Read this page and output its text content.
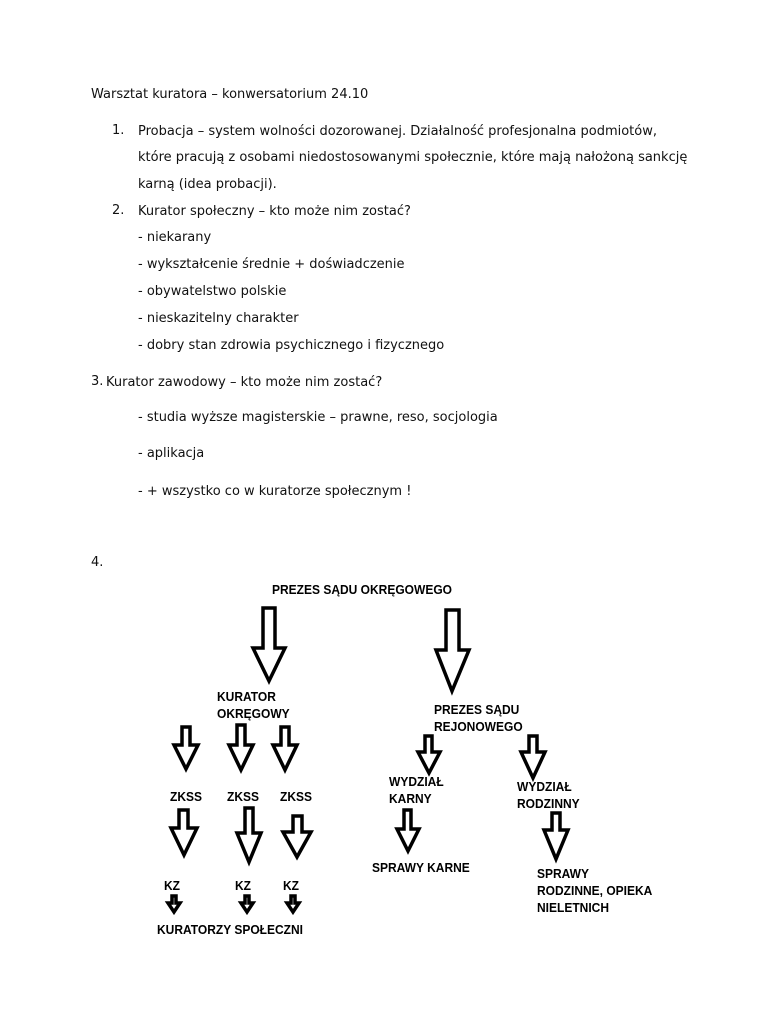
Warsztat kuratora – konwersatorium 24.10
1. Probacja – system wolności dozorowanej. Działalność profesjonalna podmiotów,
które pracują z osobami niedostosowanymi społecznie, które mają nałożoną sankcję
karną (idea probacji).
2. Kurator społeczny – kto może nim zostać?
- niekarany
- wykształcenie średnie + doświadczenie
- obywatelstwo polskie
- nieskazitelny charakter
- dobry stan zdrowia psychicznego i fizycznego
3. Kurator zawodowy – kto może nim zostać?
- studia wyższe magisterskie – prawne, reso, socjologia
- aplikacja
- + wszystko co w kuratorze społecznym !
4.
PREZES SĄDU OKRĘGOWEGO
KURATOR
OKRĘGOWY	PREZES SĄDU
REJONOWEGO
ZKSS ZKSS ZKSS
KZ	KZ	KZ
KURATORZY SPOŁECZNI
WYDZIAŁ
KARNY
WYDZIAŁ
RODZINNY
SPRAWY KARNE	SPRAWY
RODZINNE, OPIEKA
NIELETNICH
